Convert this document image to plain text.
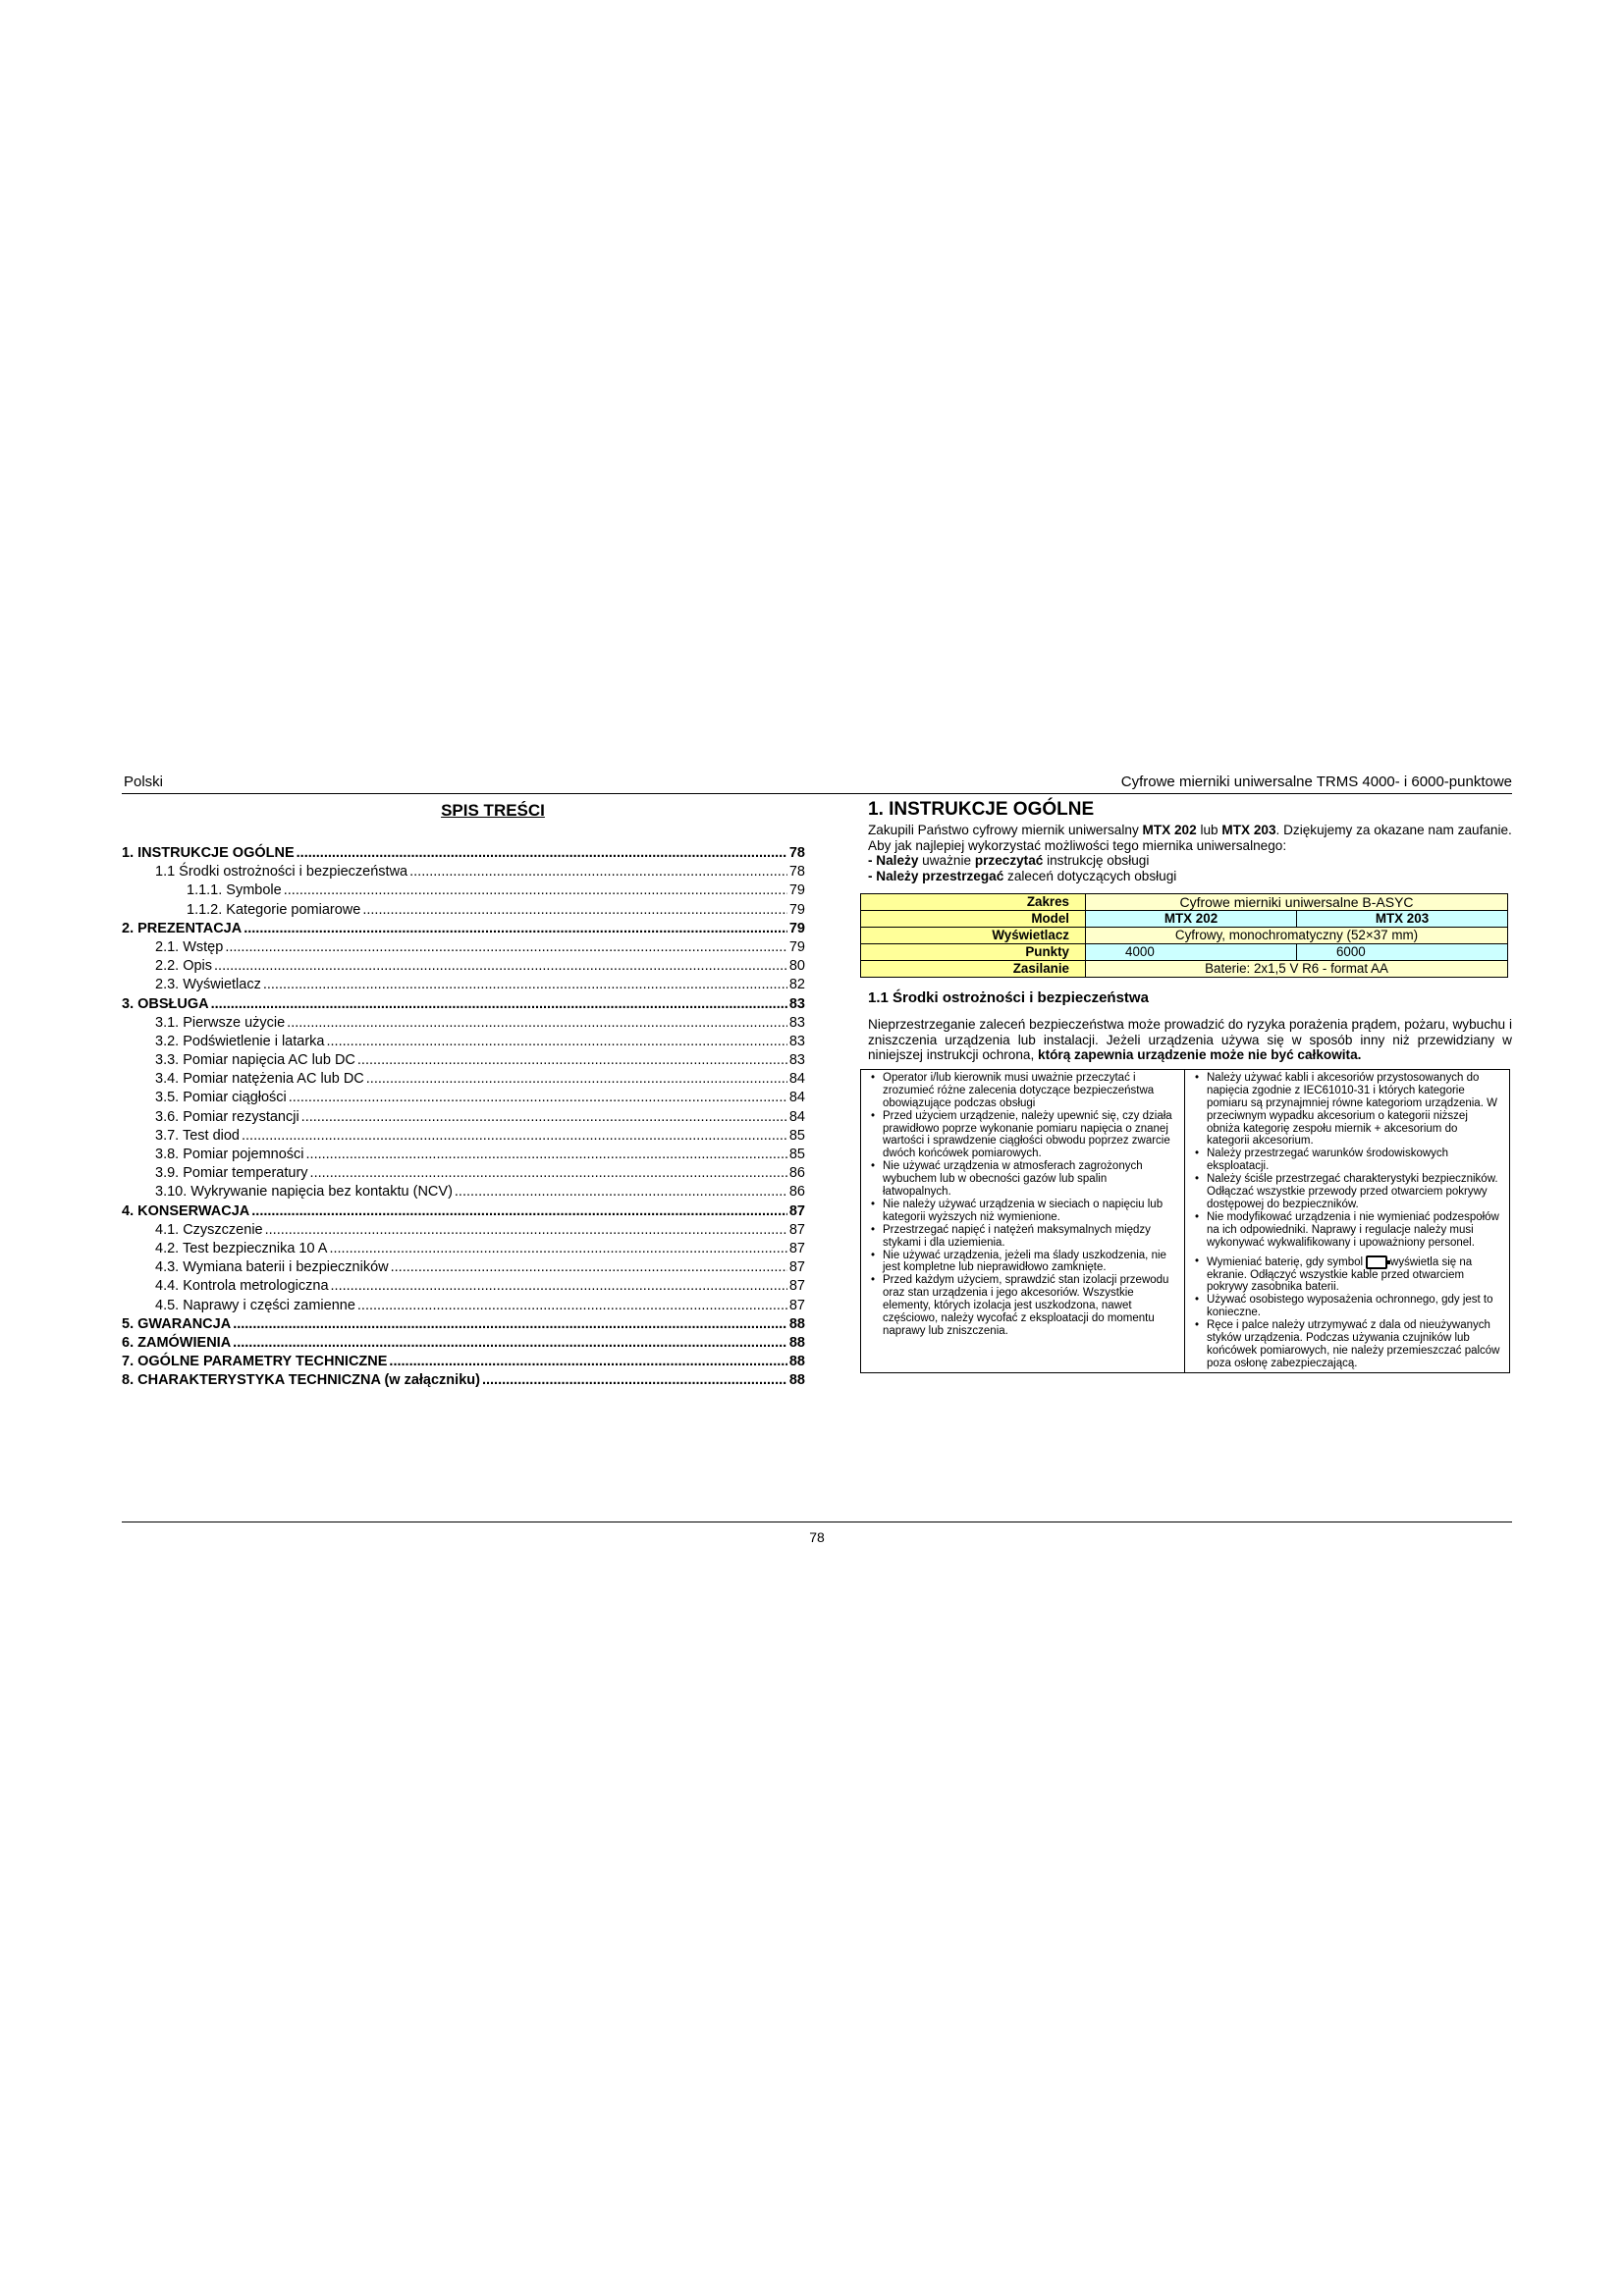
Polski	Cyfrowe mierniki uniwersalne TRMS 4000- i 6000-punktowe
SPIS TREŚCI
1. INSTRUKCJE OGÓLNE .....	78
1.1 Środki ostrożności i bezpieczeństwa .....	78
1.1.1. Symbole .....	79
1.1.2. Kategorie pomiarowe .....	79
2. PREZENTACJA .....	79
2.1. Wstęp .....	79
2.2. Opis .....	80
2.3. Wyświetlacz .....	82
3. OBSŁUGA .....	83
3.1. Pierwsze użycie .....	83
3.2. Podświetlenie i latarka .....	83
3.3. Pomiar napięcia AC lub DC .....	83
3.4. Pomiar natężenia AC lub DC .....	84
3.5. Pomiar ciągłości .....	84
3.6. Pomiar rezystancji .....	84
3.7. Test diod .....	85
3.8. Pomiar pojemności .....	85
3.9. Pomiar temperatury .....	86
3.10. Wykrywanie napięcia bez kontaktu (NCV) .....	86
4. KONSERWACJA .....	87
4.1. Czyszczenie .....	87
4.2. Test bezpiecznika 10 A .....	87
4.3. Wymiana baterii i bezpieczników .....	87
4.4. Kontrola metrologiczna .....	87
4.5. Naprawy i części zamienne .....	87
5. GWARANCJA .....	88
6. ZAMÓWIENIA .....	88
7. OGÓLNE PARAMETRY TECHNICZNE .....	88
8. CHARAKTERYSTYKA TECHNICZNA (w załączniku) .....	88
1. INSTRUKCJE OGÓLNE

Zakupili Państwo cyfrowy miernik uniwersalny MTX 202 lub MTX 203. Dziękujemy za okazane nam zaufanie.

Aby jak najlepiej wykorzystać możliwości tego miernika uniwersalnego:

- Należy uważnie przeczytać instrukcję obsługi

- Należy przestrzegać zaleceń dotyczących obsługi

Zakres	Cyfrowe mierniki uniwersalne B-ASYC	
Model	MTX 202	MTX 203
Wyświetlacz	Cyfrowy, monochromatyczny (52×37 mm)	
Punkty	4000	6000
Zasilanie	Baterie: 2x1,5 V R6 - format AA	
1.1 Środki ostrożności i bezpieczeństwa
Nieprzestrzeganie zaleceń bezpieczeństwa może prowadzić do ryzyka porażenia prądem, pożaru, wybuchu i zniszczenia urządzenia lub instalacji. Jeżeli urządzenia używa się w sposób inny niż przewidziany w niniejszej instrukcji ochrona, którą zapewnia urządzenie może nie być całkowita.
• Operator i/lub kierownik musi uważnie przeczytać i zrozumieć różne zalecenia dotyczące bezpieczeństwa obowiązujące podczas obsługi
• Przed użyciem urządzenie, należy upewnić się, czy działa prawidłowo poprze wykonanie pomiaru napięcia o znanej wartości i sprawdzenie ciągłości obwodu poprzez zwarcie dwóch końcówek pomiarowych.
• Nie używać urządzenia w atmosferach zagrożonych wybuchem lub w obecności gazów lub spalin łatwopalnych.
• Nie należy używać urządzenia w sieciach o napięciu lub kategorii wyższych niż wymienione.
• Przestrzegać napięć i natężeń maksymalnych między stykami i dla uziemienia.
• Nie używać urządzenia, jeżeli ma ślady uszkodzenia, nie jest kompletne lub nieprawidłowo zamknięte.
• Przed każdym użyciem, sprawdzić stan izolacji przewodu oraz stan urządzenia i jego akcesoriów. Wszystkie elementy, których izolacja jest uszkodzona, nawet częściowo, należy wycofać z eksploatacji do momentu naprawy lub zniszczenia.
• Należy używać kabli i akcesoriów przystosowanych do napięcia zgodnie z IEC61010-31 i których kategorie pomiaru są przynajmniej równe kategoriom urządzenia. W przeciwnym wypadku akcesorium o kategorii niższej obniża kategorię zespołu miernik + akcesorium do kategorii akcesorium.
• Należy przestrzegać warunków środowiskowych eksploatacji.
• Należy ściśle przestrzegać charakterystyki bezpieczników. Odłączać wszystkie przewody przed otwarciem pokrywy dostępowej do bezpieczników.
• Nie modyfikować urządzenia i nie wymieniać podzespołów na ich odpowiedniki. Naprawy i regulacje należy musi wykonywać wykwalifikowany i upoważniony personel.
• Wymieniać baterię, gdy symbol wyświetla się na ekranie. Odłączyć wszystkie kable przed otwarciem pokrywy zasobnika baterii.
• Używać osobistego wyposażenia ochronnego, gdy jest to konieczne.
• Ręce i palce należy utrzymywać z dala od nieużywanych styków urządzenia. Podczas używania czujników lub końcówek pomiarowych, nie należy przemieszczać palców poza osłonę zabezpieczającą.
78
